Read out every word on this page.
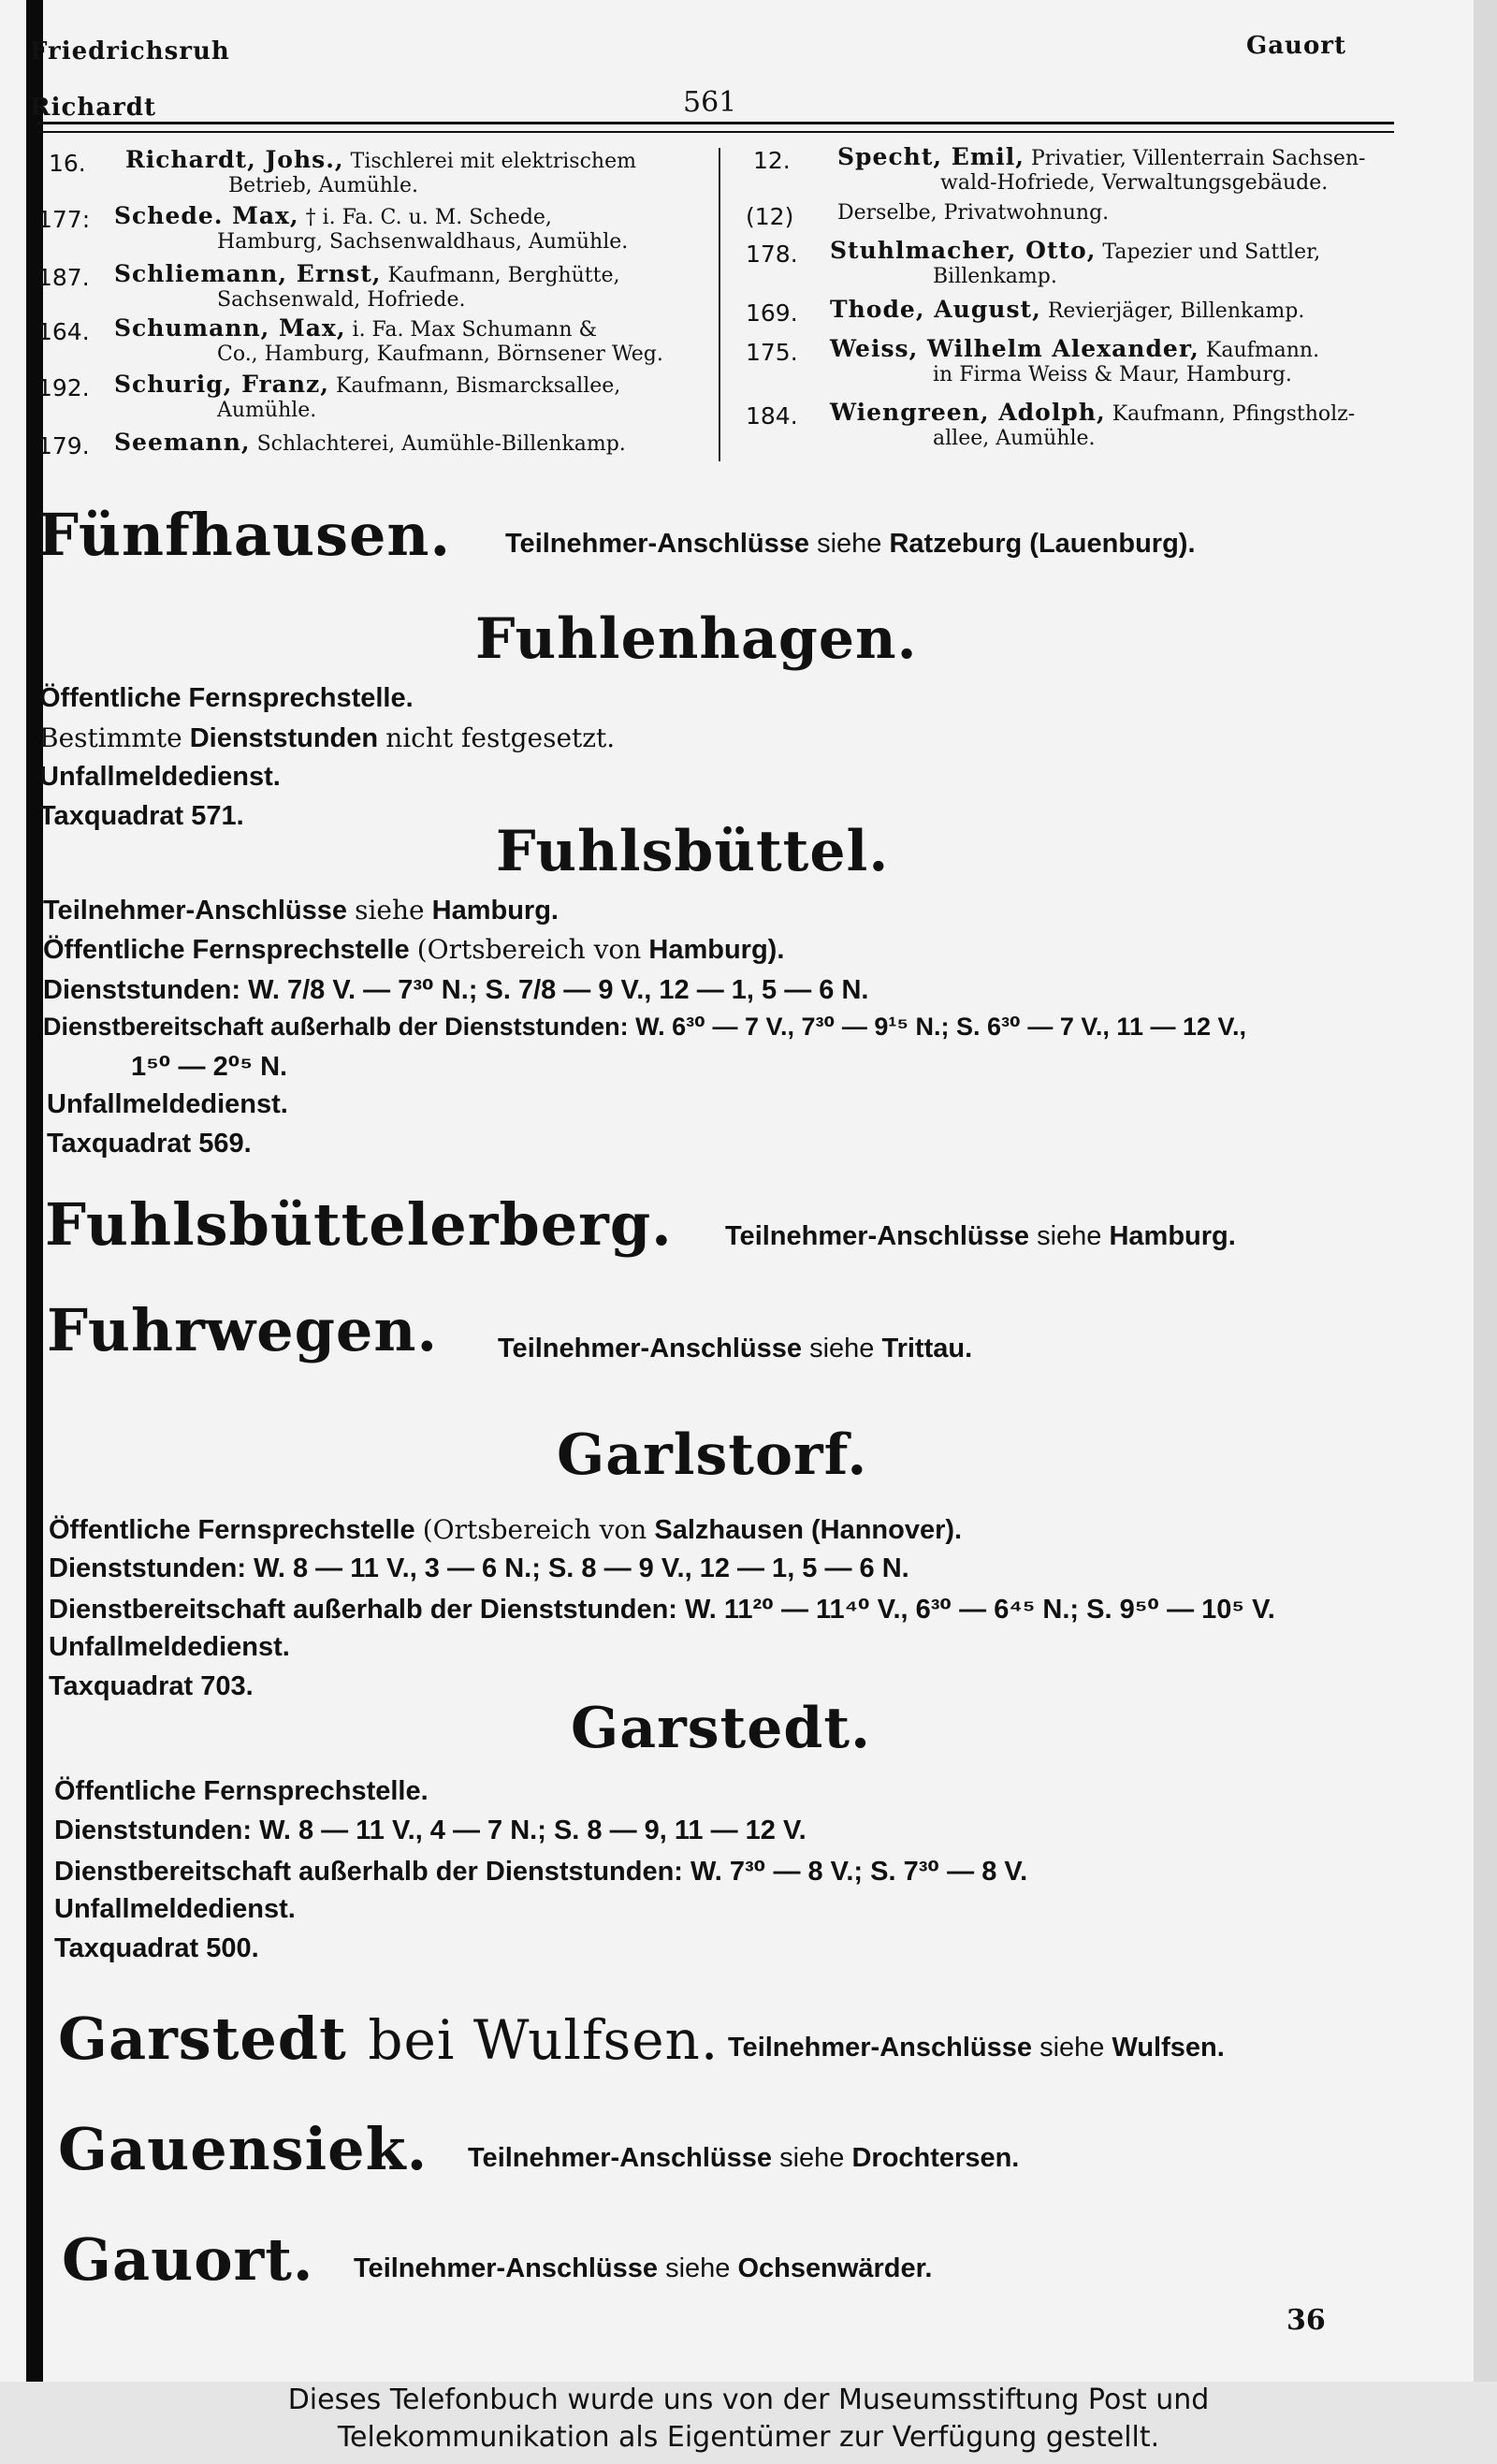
Friedrichsruh
Richardt	561
Gauort
16. Richardt, Johs., Tischlerei mit elektrischem
Betrieb, Aumühle.
177: Schede. Max, † i. Fa. C. u. M. Schede,
Hamburg, Sachsenwaldhaus, Aumühle.
187. Schliemann, Ernst, Kaufmann, Berghütte,
Sachsenwald, Hofriede.
164. Schumann, Max, i. Fa. Max Schumann &
Co., Hamburg, Kaufmann, Börnsener Weg.
192. Schurig, Franz, Kaufmann, Bismarcksallee,
Aumühle.
179. Seemann, Schlachterei, Aumühle-Billenkamp.
12. Specht, Emil, Privatier, Villenterrain Sachsen-
wald-Hofriede, Verwaltungsgebäude.
(12) Derselbe, Privatwohnung.
178. Stuhlmacher, Otto, Tapezier und Sattler,
Billenkamp.
169. Thode, August, Revierjäger, Billenkamp.
175. Weiss, Wilhelm Alexander, Kaufmann.
in Firma Weiss & Maur, Hamburg.
184. Wiengreen, Adolph, Kaufmann, Pfingstholz-
allee, Aumühle.
Fünfhausen. Teilnehmer-Anschlüsse siehe Ratzeburg (Lauenburg).
Fuhlenhagen.
Öffentliche Fernsprechstelle.
Bestimmte Dienststunden nicht festgesetzt.
Unfallmeldedienst.
Taxquadrat 571.
Fuhlsbüttel.
Teilnehmer-Anschlüsse siehe Hamburg.
Öffentliche Fernsprechstelle (Ortsbereich von Hamburg).
Dienststunden: W. 7/8 V. — 7³⁰ N.; S. 7/8 — 9 V., 12 — 1, 5 — 6 N.
Dienstbereitschaft außerhalb der Dienststunden: W. 6³⁰ — 7 V., 7³⁰ — 9¹⁵ N.; S. 6³⁰ — 7 V., 11 — 12 V.,
1⁵⁰ — 2⁰⁵ N.
Unfallmeldedienst.
Taxquadrat 569.
Fuhlsbüttelerberg. Teilnehmer-Anschlüsse siehe Hamburg.
Fuhrwegen. Teilnehmer-Anschlüsse siehe Trittau.
Garlstorf.
Öffentliche Fernsprechstelle (Ortsbereich von Salzhausen (Hannover).
Dienststunden: W. 8 — 11 V., 3 — 6 N.; S. 8 — 9 V., 12 — 1, 5 — 6 N.
Dienstbereitschaft außerhalb der Dienststunden: W. 11²⁰ — 11⁴⁰ V., 6³⁰ — 6⁴⁵ N.; S. 9⁵⁰ — 10⁵ V.
Unfallmeldedienst.
Taxquadrat 703.
Garstedt.
Öffentliche Fernsprechstelle.
Dienststunden: W. 8 — 11 V., 4 — 7 N.; S. 8 — 9, 11 — 12 V.
Dienstbereitschaft außerhalb der Dienststunden: W. 7³⁰ — 8 V.; S. 7³⁰ — 8 V.
Unfallmeldedienst.
Taxquadrat 500.
Garstedt bei Wulfsen. Teilnehmer-Anschlüsse siehe Wulfsen.
Gauensiek. Teilnehmer-Anschlüsse siehe Drochtersen.
Gauort. Teilnehmer-Anschlüsse siehe Ochsenwärder.
36
Dieses Telefonbuch wurde uns von der Museumsstiftung Post und
Telekommunikation als Eigentümer zur Verfügung gestellt.
